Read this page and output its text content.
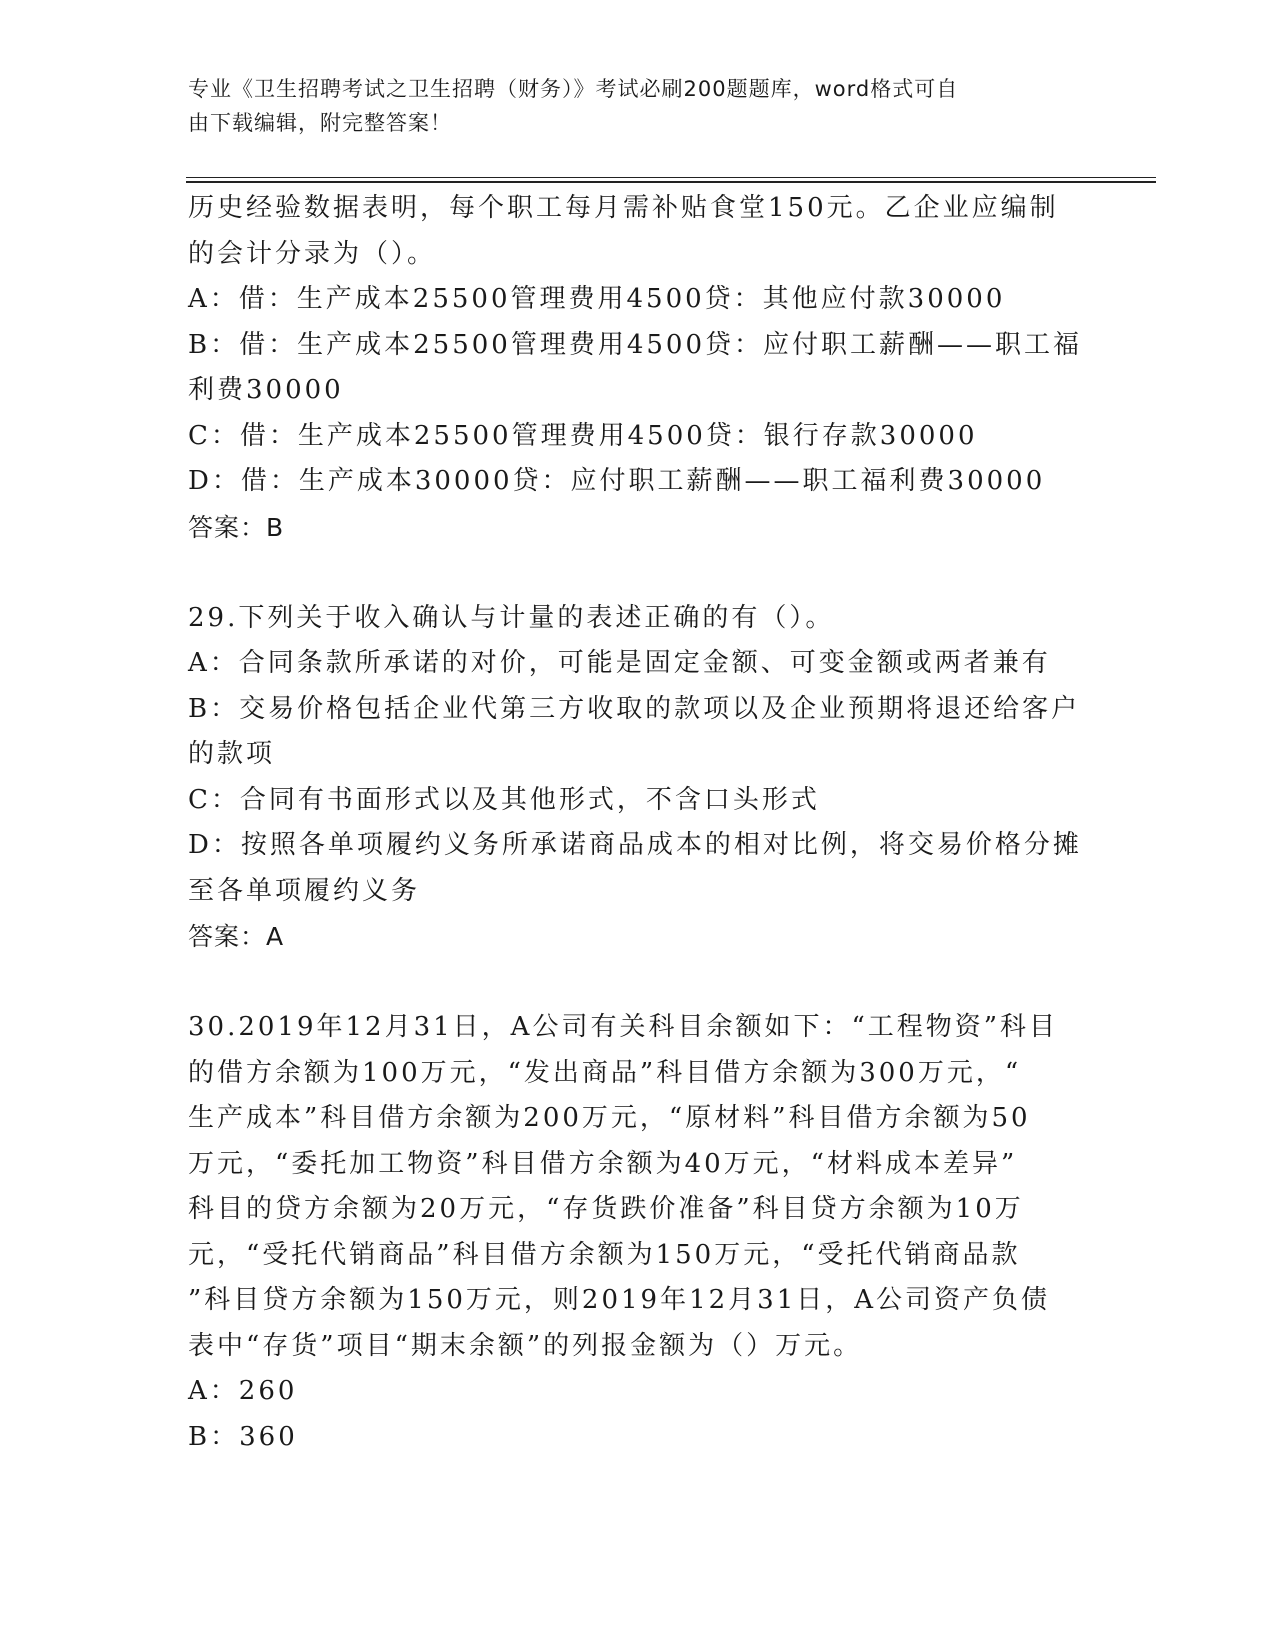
专业《卫生招聘考试之卫生招聘（财务）》考试必刷200题题库，word格式可自
由下载编辑，附完整答案！
历史经验数据表明，每个职工每月需补贴食堂150元。乙企业应编制
的会计分录为（）。
A：借：生产成本25500管理费用4500贷：其他应付款30000
B：借：生产成本25500管理费用4500贷：应付职工薪酬——职工福
利费30000
C：借：生产成本25500管理费用4500贷：银行存款30000
D：借：生产成本30000贷：应付职工薪酬——职工福利费30000
答案：B
29.下列关于收入确认与计量的表述正确的有（）。
A：合同条款所承诺的对价，可能是固定金额、可变金额或两者兼有
B：交易价格包括企业代第三方收取的款项以及企业预期将退还给客户
的款项
C：合同有书面形式以及其他形式，不含口头形式
D：按照各单项履约义务所承诺商品成本的相对比例，将交易价格分摊
至各单项履约义务
答案：A
30.2019年12月31日，A公司有关科目余额如下：“工程物资”科目
的借方余额为100万元，“发出商品”科目借方余额为300万元，“
生产成本”科目借方余额为200万元，“原材料”科目借方余额为50
万元，“委托加工物资”科目借方余额为40万元，“材料成本差异”
科目的贷方余额为20万元，“存货跌价准备”科目贷方余额为10万
元，“受托代销商品”科目借方余额为150万元，“受托代销商品款
”科目贷方余额为150万元，则2019年12月31日，A公司资产负债
表中“存货”项目“期末余额”的列报金额为（）万元。
A：260
B：360
